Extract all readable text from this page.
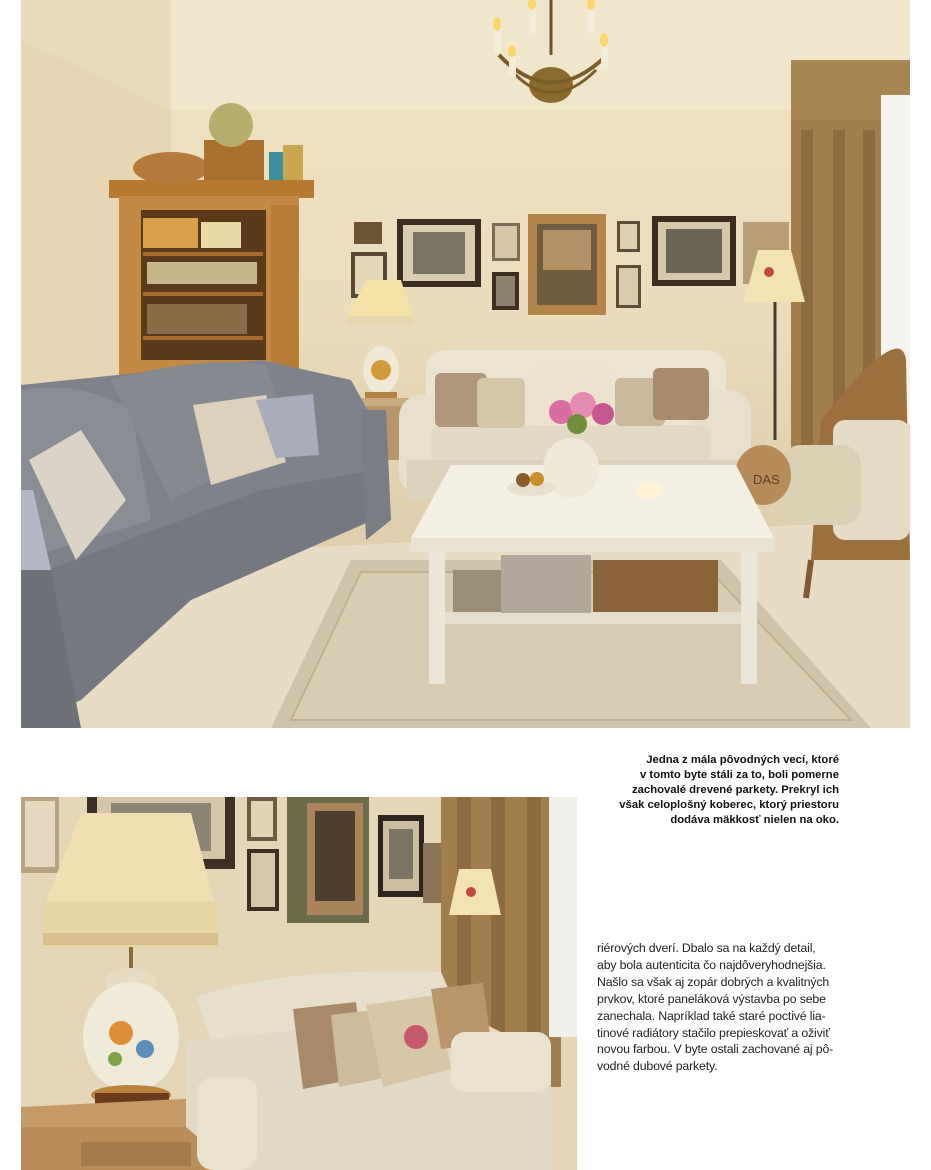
DAS
Jedna z mála pôvodných vecí, ktoré
v tomto byte stáli za to, boli pomerne
zachovalé drevené parkety. Prekryl ich
však celoplošný koberec, ktorý priestoru
dodáva mäkkosť nielen na oko.
riérových dverí. Dbalo sa na každý detail,
aby bola autenticita čo najdôveryhodnejšia.
Našlo sa však aj zopár dobrých a kvalitných
prvkov, ktoré paneláková výstavba po sebe
zanechala. Napríklad také staré poctivé lia-
tinové radiátory stačilo prepieskovať a oživiť
novou farbou. V byte ostali zachované aj pô-
vodné dubové parkety.
